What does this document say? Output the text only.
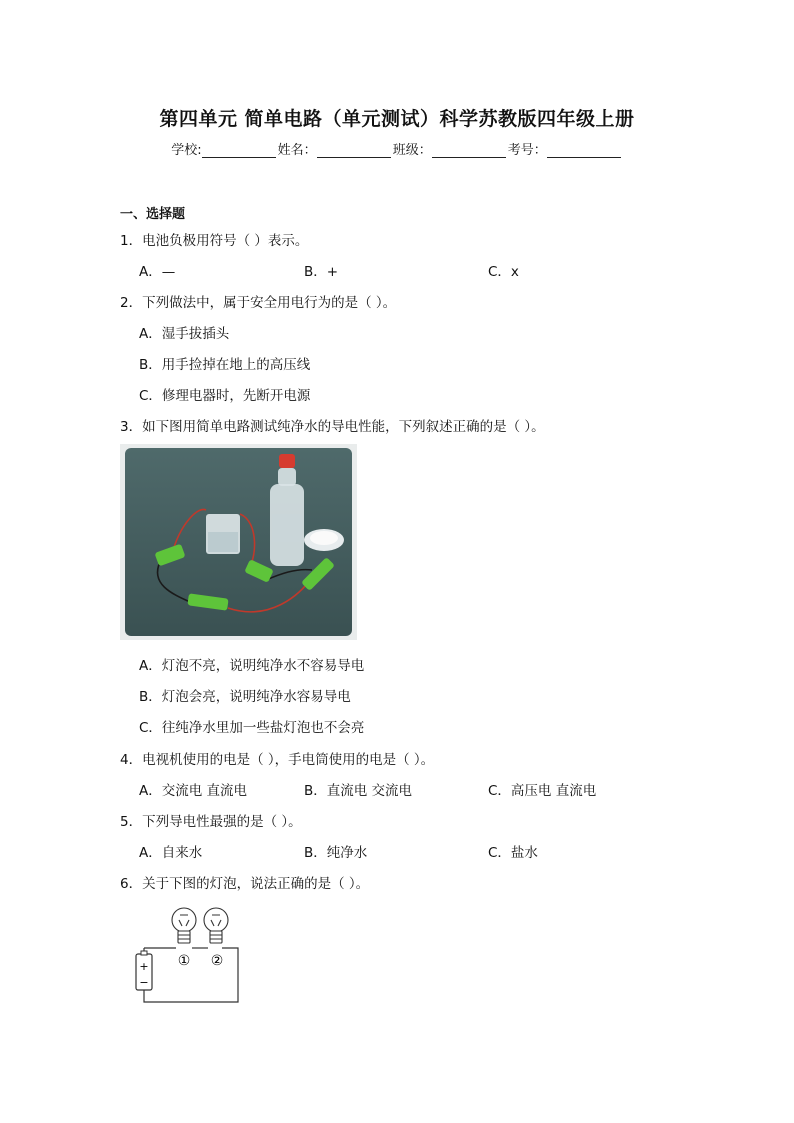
第四单元 简单电路（单元测试）科学苏教版四年级上册
学校:	姓名：	班级：	考号：
一、选择题
1．电池负极用符号（ ）表示。
A．—	B．+	C．x
2．下列做法中，属于安全用电行为的是（ ）。
A．湿手拔插头
B．用手捡掉在地上的高压线
C．修理电器时，先断开电源
3．如下图用简单电路测试纯净水的导电性能，下列叙述正确的是（ ）。
A．灯泡不亮，说明纯净水不容易导电
B．灯泡会亮，说明纯净水容易导电
C．往纯净水里加一些盐灯泡也不会亮
4．电视机使用的电是（ ），手电筒使用的电是（ ）。
A．交流电 直流电	B．直流电 交流电	C．高压电 直流电
5．下列导电性最强的是（ ）。
A．自来水	B．纯净水	C．盐水
6．关于下图的灯泡，说法正确的是（ ）。
① ②
+
−
